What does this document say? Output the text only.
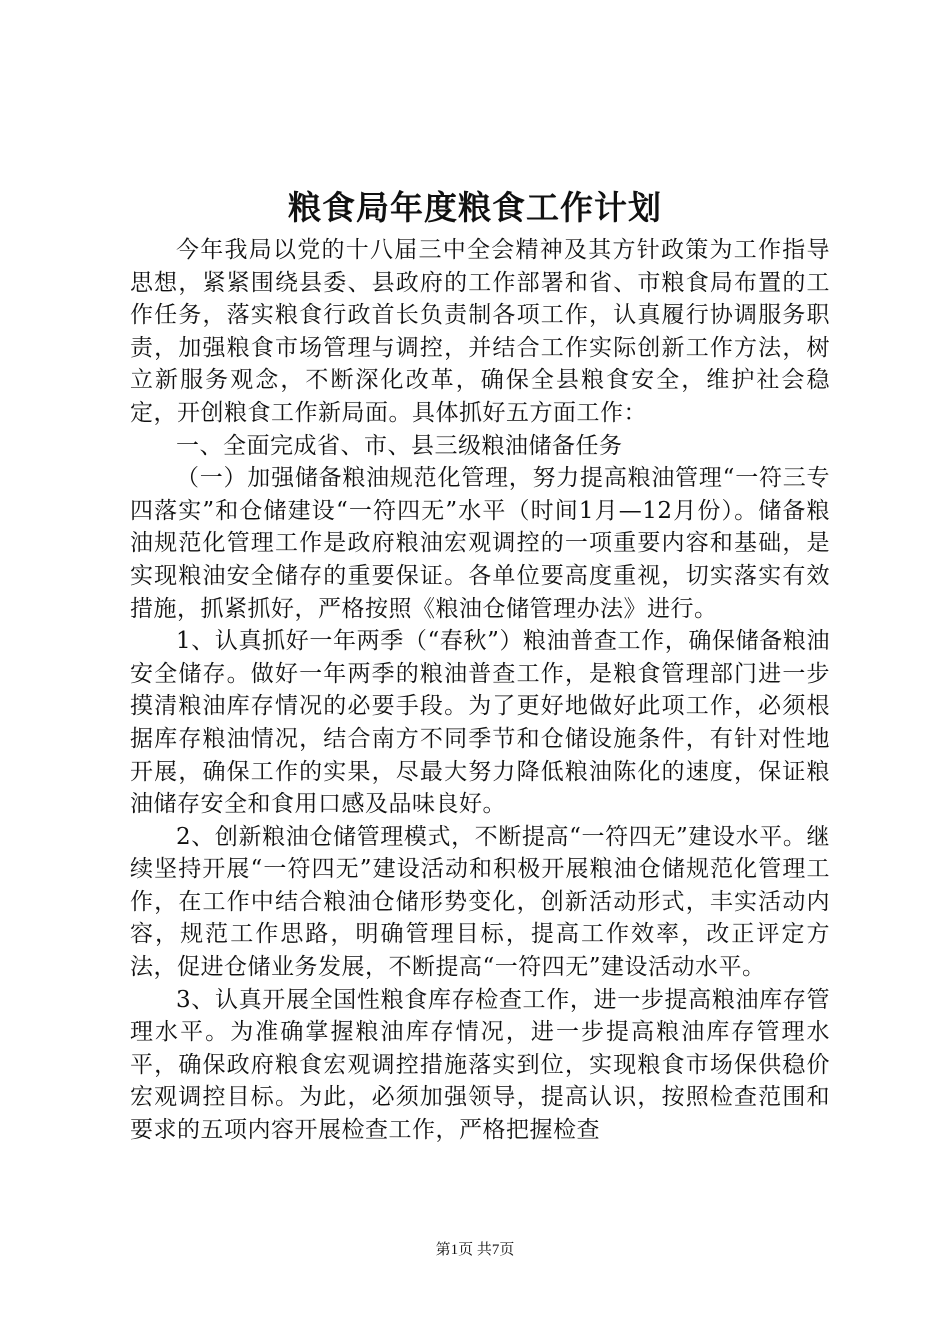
粮食局年度粮食工作计划

今年我局以党的十八届三中全会精神及其方针政策为工作指导思想，紧紧围绕县委、县政府的工作部署和省、市粮食局布置的工作任务，落实粮食行政首长负责制各项工作，认真履行协调服务职责，加强粮食市场管理与调控，并结合工作实际创新工作方法，树立新服务观念，不断深化改革，确保全县粮食安全，维护社会稳定，开创粮食工作新局面。具体抓好五方面工作：

一、全面完成省、市、县三级粮油储备任务

（一）加强储备粮油规范化管理，努力提高粮油管理“一符三专四落实”和仓储建设“一符四无”水平（时间1月—12月份）。储备粮油规范化管理工作是政府粮油宏观调控的一项重要内容和基础，是实现粮油安全储存的重要保证。各单位要高度重视，切实落实有效措施，抓紧抓好，严格按照《粮油仓储管理办法》进行。

1、认真抓好一年两季（“春秋”）粮油普查工作，确保储备粮油安全储存。做好一年两季的粮油普查工作，是粮食管理部门进一步摸清粮油库存情况的必要手段。为了更好地做好此项工作，必须根据库存粮油情况，结合南方不同季节和仓储设施条件，有针对性地开展，确保工作的实果，尽最大努力降低粮油陈化的速度，保证粮油储存安全和食用口感及品味良好。

2、创新粮油仓储管理模式，不断提高“一符四无”建设水平。继续坚持开展“一符四无”建设活动和积极开展粮油仓储规范化管理工作，在工作中结合粮油仓储形势变化，创新活动形式，丰实活动内容，规范工作思路，明确管理目标，提高工作效率，改正评定方法，促进仓储业务发展，不断提高“一符四无”建设活动水平。

3、认真开展全国性粮食库存检查工作，进一步提高粮油库存管理水平。为准确掌握粮油库存情况，进一步提高粮油库存管理水平，确保政府粮食宏观调控措施落实到位，实现粮食市场保供稳价宏观调控目标。为此，必须加强领导，提高认识，按照检查范围和要求的五项内容开展检查工作，严格把握检查

第1页 共7页
